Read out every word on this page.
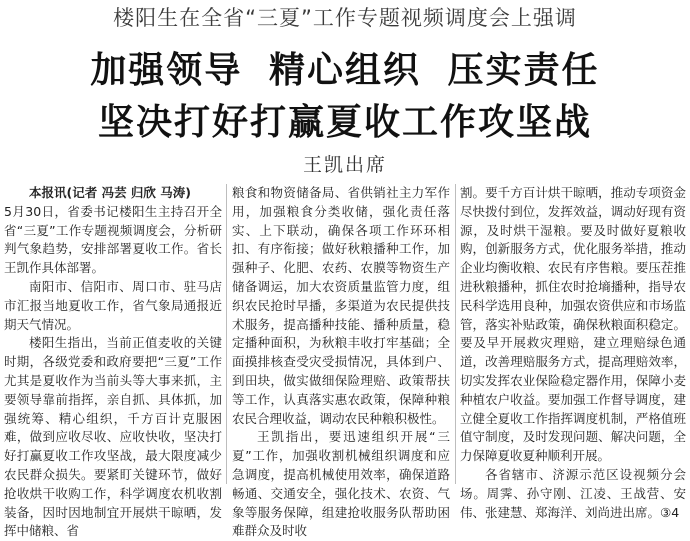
楼阳生在全省“三夏”工作专题视频调度会上强调
加强领导 精心组织 压实责任
坚决打好打赢夏收工作攻坚战
王凯出席

本报讯(记者 冯芸 归欣 马涛)

5月30日，省委书记楼阳生主持召开全省“三夏”工作专题视频调度会，分析研判气象趋势，安排部署夏收工作。省长王凯作具体部署。

南阳市、信阳市、周口市、驻马店市汇报当地夏收工作，省气象局通报近期天气情况。

楼阳生指出，当前正值麦收的关键时期，各级党委和政府要把“三夏”工作尤其是夏收作为当前头等大事来抓，主要领导靠前指挥，亲自抓、具体抓，加强统筹、精心组织，千方百计克服困难，做到应收尽收、应收快收，坚决打好打赢夏收工作攻坚战，最大限度减少农民群众损失。要紧盯关键环节，做好抢收烘干收购工作，科学调度农机收割装备，因时因地制宜开展烘干晾晒，发挥中储粮、省

粮食和物资储备局、省供销社主力军作用，加强粮食分类收储，强化责任落实、上下联动，确保各项工作环环相扣、有序衔接；做好秋粮播种工作，加强种子、化肥、农药、农膜等物资生产储备调运，加大农资质量监管力度，组织农民抢时早播，多渠道为农民提供技术服务，提高播种技能、播种质量，稳定播种面积，为秋粮丰收打牢基础；全面摸排核查受灾受损情况，具体到户、到田块，做实做细保险理赔、政策帮扶等工作，认真落实惠农政策，保障种粮农民合理收益，调动农民种粮积极性。

王凯指出，要迅速组织开展“三夏”工作，加强收割机械组织调度和应急调度，提高机械使用效率，确保道路畅通、交通安全，强化技术、农资、气象等服务保障，组建抢收服务队帮助困难群众及时收

割。要千方百计烘干晾晒，推动专项资金尽快拨付到位，发挥效益，调动好现有资源，及时烘干湿粮。要及时做好夏粮收购，创新服务方式，优化服务举措，推动企业均衡收粮、农民有序售粮。要压茬推进秋粮播种，抓住农时抢墒播种，指导农民科学选用良种，加强农资供应和市场监管，落实补贴政策，确保秋粮面积稳定。要及早开展救灾理赔，建立理赔绿色通道，改善理赔服务方式，提高理赔效率，切实发挥农业保险稳定器作用，保障小麦种植农户收益。要加强工作督导调度，建立健全夏收工作指挥调度机制，严格值班值守制度，及时发现问题、解决问题，全力保障夏收夏种顺利开展。

各省辖市、济源示范区设视频分会场。周霁、孙守刚、江凌、王战营、安伟、张建慧、郑海洋、刘尚进出席。③4
